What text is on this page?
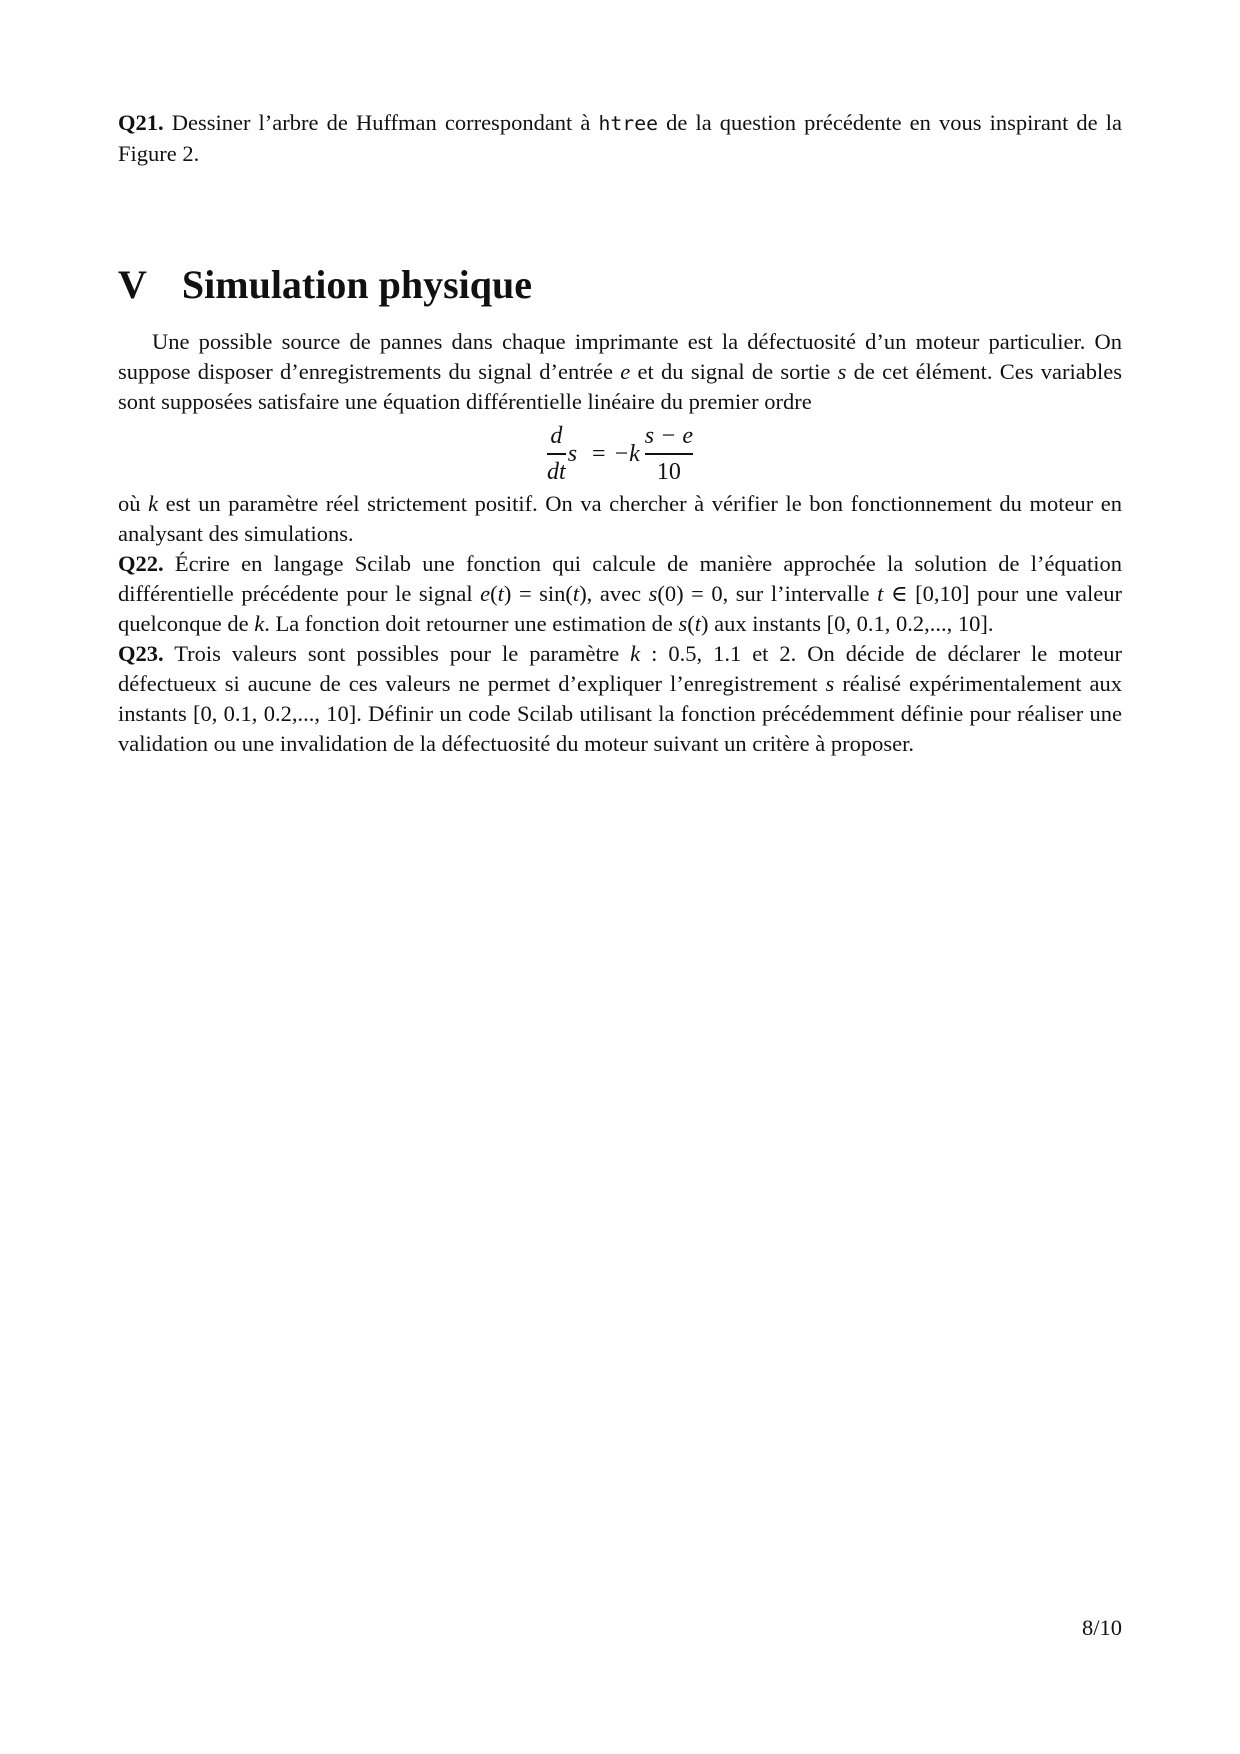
Q21. Dessiner l’arbre de Huffman correspondant à htree de la question précédente en vous inspirant de la Figure 2.

V Simulation physique

Une possible source de pannes dans chaque imprimante est la défectuosité d’un moteur particulier. On suppose disposer d’enregistrements du signal d’entrée e et du signal de sortie s de cet élément. Ces variables sont supposées satisfaire une équation différentielle linéaire du premier ordre

$\frac{d}{dt}$ s = − k $\frac{s - e}{10}$

où k est un paramètre réel strictement positif. On va chercher à vérifier le bon fonctionnement du moteur en analysant des simulations.

Q22. Écrire en langage Scilab une fonction qui calcule de manière approchée la solution de l’équation différentielle précédente pour le signal e(t) = sin(t), avec s(0) = 0, sur l’intervalle t ∈ [0,10] pour une valeur quelconque de k. La fonction doit retourner une estimation de s(t) aux instants [0, 0.1, 0.2,..., 10].

Q23. Trois valeurs sont possibles pour le paramètre k : 0.5, 1.1 et 2. On décide de déclarer le moteur défectueux si aucune de ces valeurs ne permet d’expliquer l’enregistrement s réalisé expérimentalement aux instants [0, 0.1, 0.2,..., 10]. Définir un code Scilab utilisant la fonction précédemment définie pour réaliser une validation ou une invalidation de la défectuosité du moteur suivant un critère à proposer.

8/10
